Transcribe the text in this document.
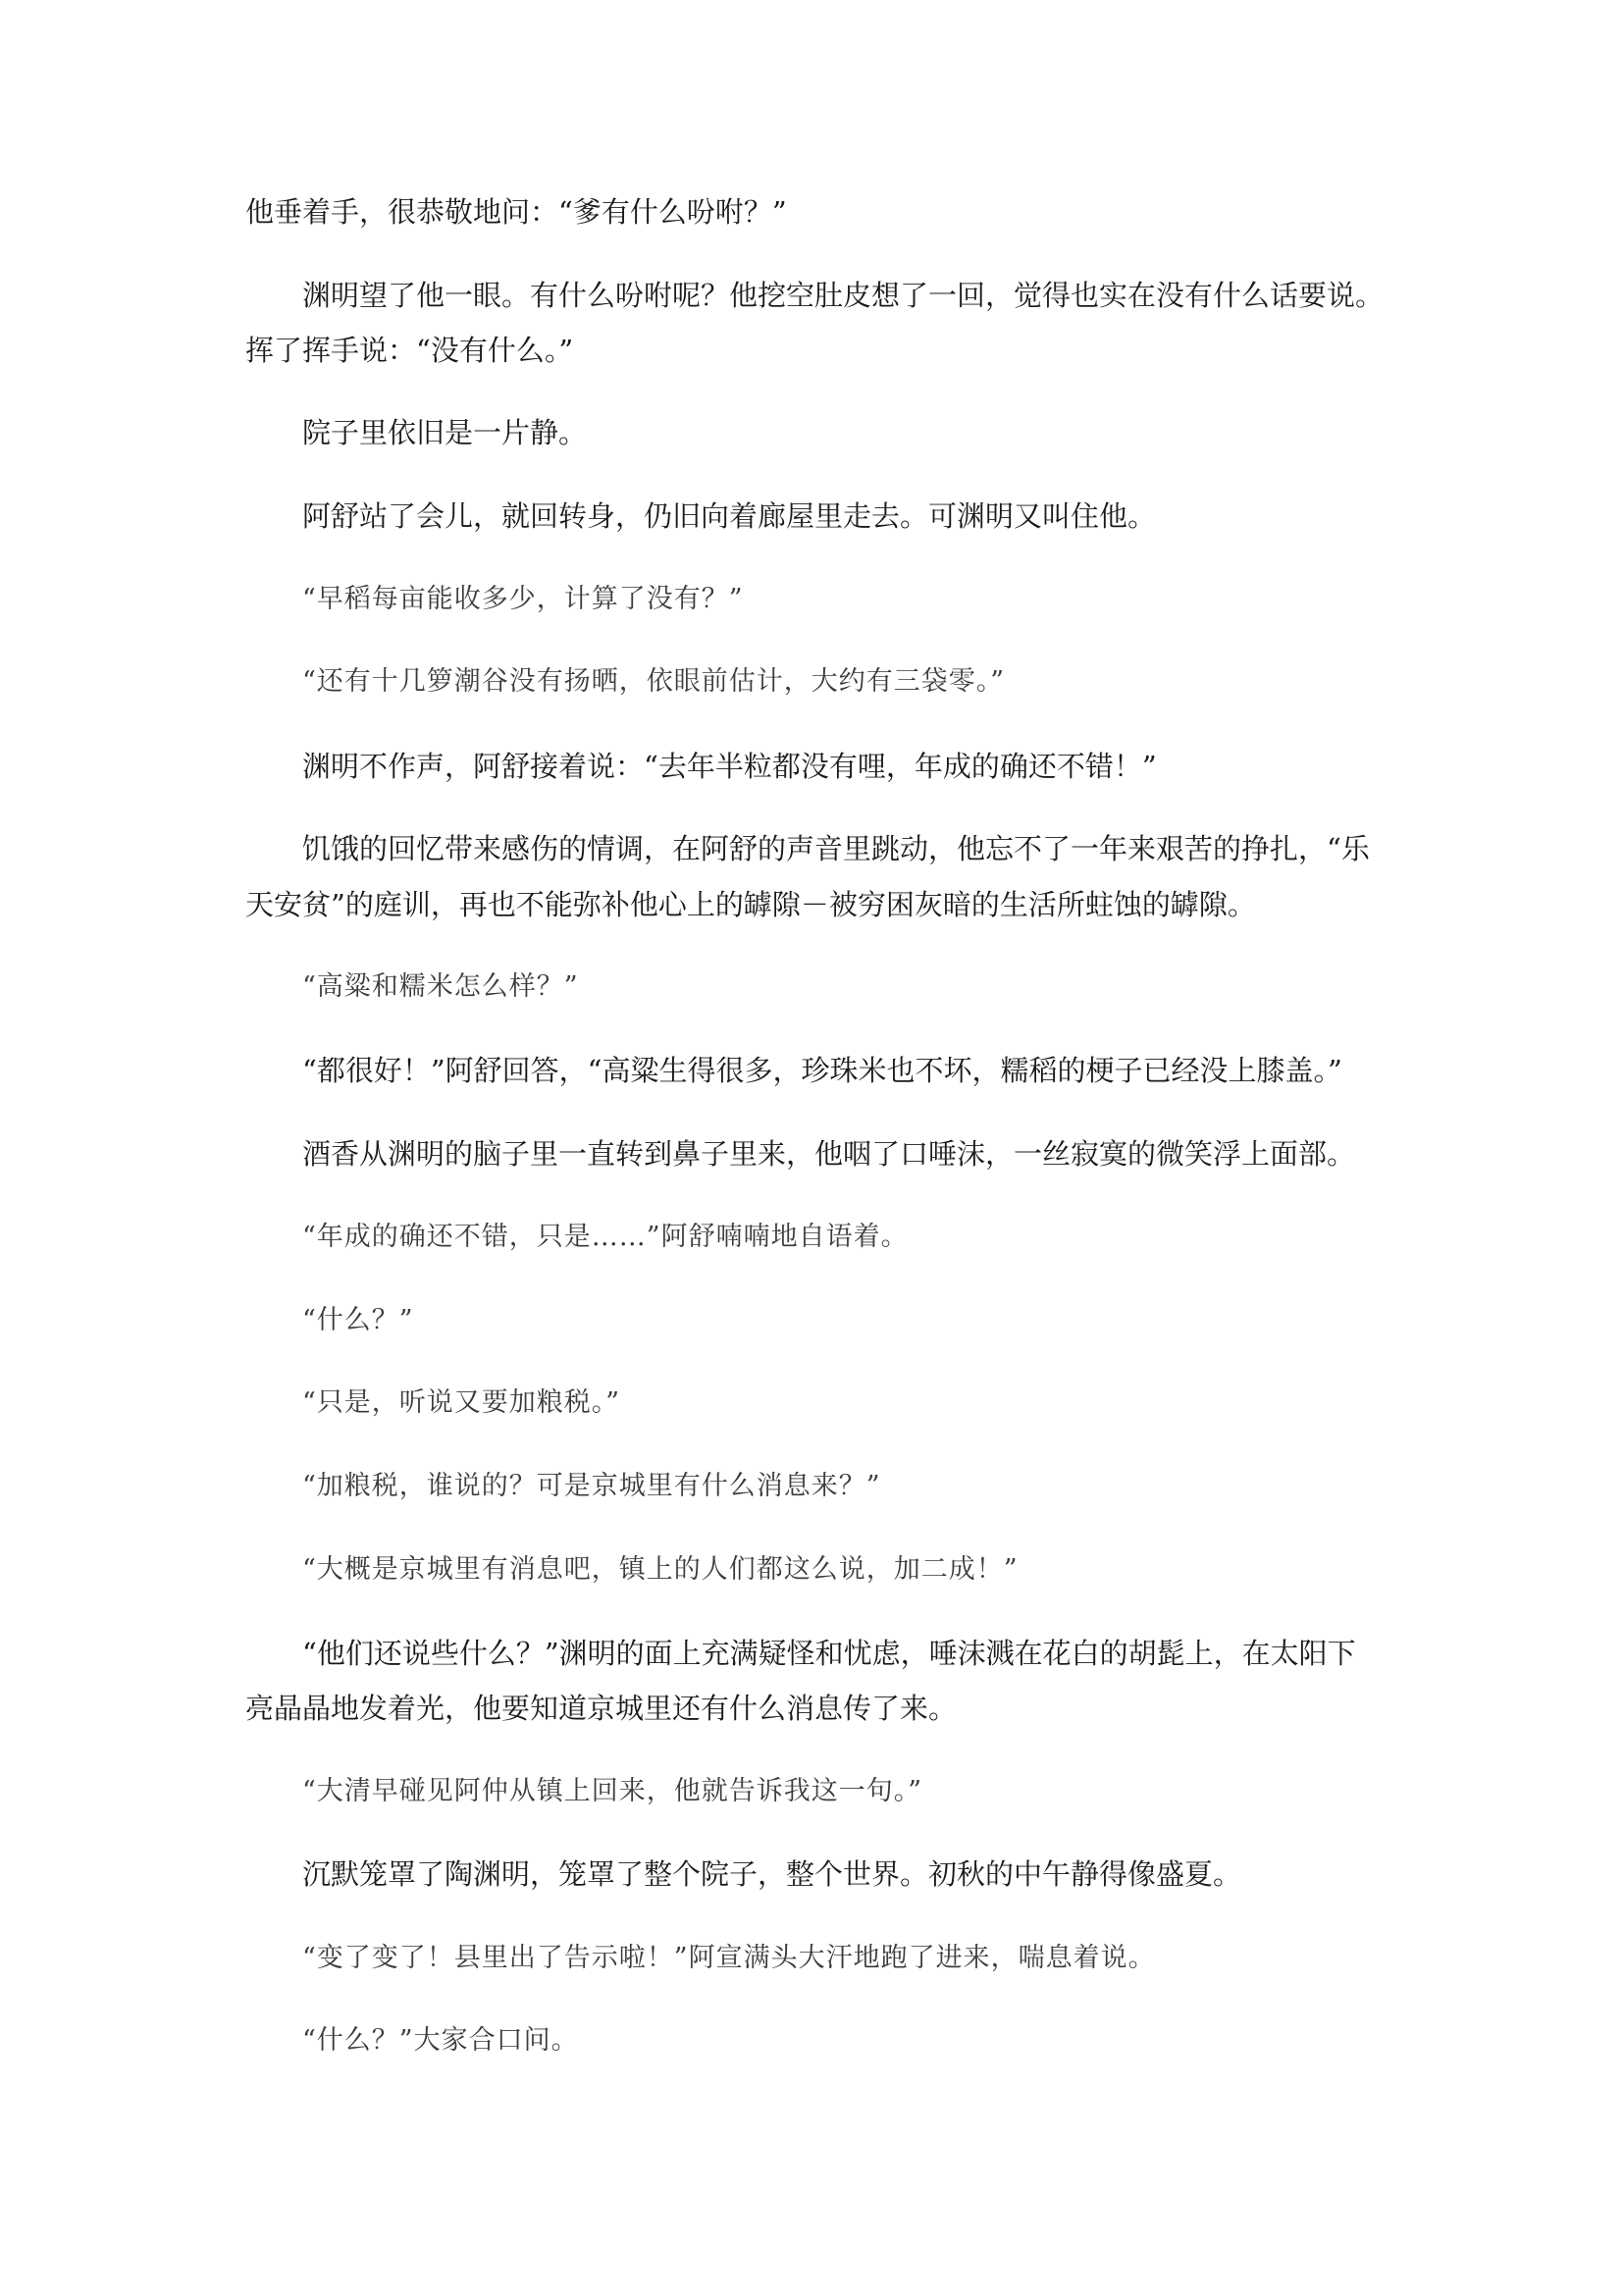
他垂着手，很恭敬地问：“爹有什么吩咐？”
渊明望了他一眼。有什么吩咐呢？他挖空肚皮想了一回，觉得也实在没有什么话要说。
挥了挥手说：“没有什么。”
院子里依旧是一片静。
阿舒站了会儿，就回转身，仍旧向着廊屋里走去。可渊明又叫住他。
“早稻每亩能收多少，计算了没有？”
“还有十几箩潮谷没有扬晒，依眼前估计，大约有三袋零。”
渊明不作声，阿舒接着说：“去年半粒都没有哩，年成的确还不错！”
饥饿的回忆带来感伤的情调，在阿舒的声音里跳动，他忘不了一年来艰苦的挣扎，“乐
天安贫”的庭训，再也不能弥补他心上的罅隙－被穷困灰暗的生活所蛀蚀的罅隙。
“高粱和糯米怎么样？”
“都很好！”阿舒回答，“高粱生得很多，珍珠米也不坏，糯稻的梗子已经没上膝盖。”
酒香从渊明的脑子里一直转到鼻子里来，他咽了口唾沫，一丝寂寞的微笑浮上面部。
“年成的确还不错，只是……”阿舒喃喃地自语着。
“什么？”
“只是，听说又要加粮税。”
“加粮税，谁说的？可是京城里有什么消息来？”
“大概是京城里有消息吧，镇上的人们都这么说，加二成！”
“他们还说些什么？”渊明的面上充满疑怪和忧虑，唾沫溅在花白的胡髭上，在太阳下
亮晶晶地发着光，他要知道京城里还有什么消息传了来。
“大清早碰见阿仲从镇上回来，他就告诉我这一句。”
沉默笼罩了陶渊明，笼罩了整个院子，整个世界。初秋的中午静得像盛夏。
“变了变了！县里出了告示啦！”阿宣满头大汗地跑了进来，喘息着说。
“什么？”大家合口问。
